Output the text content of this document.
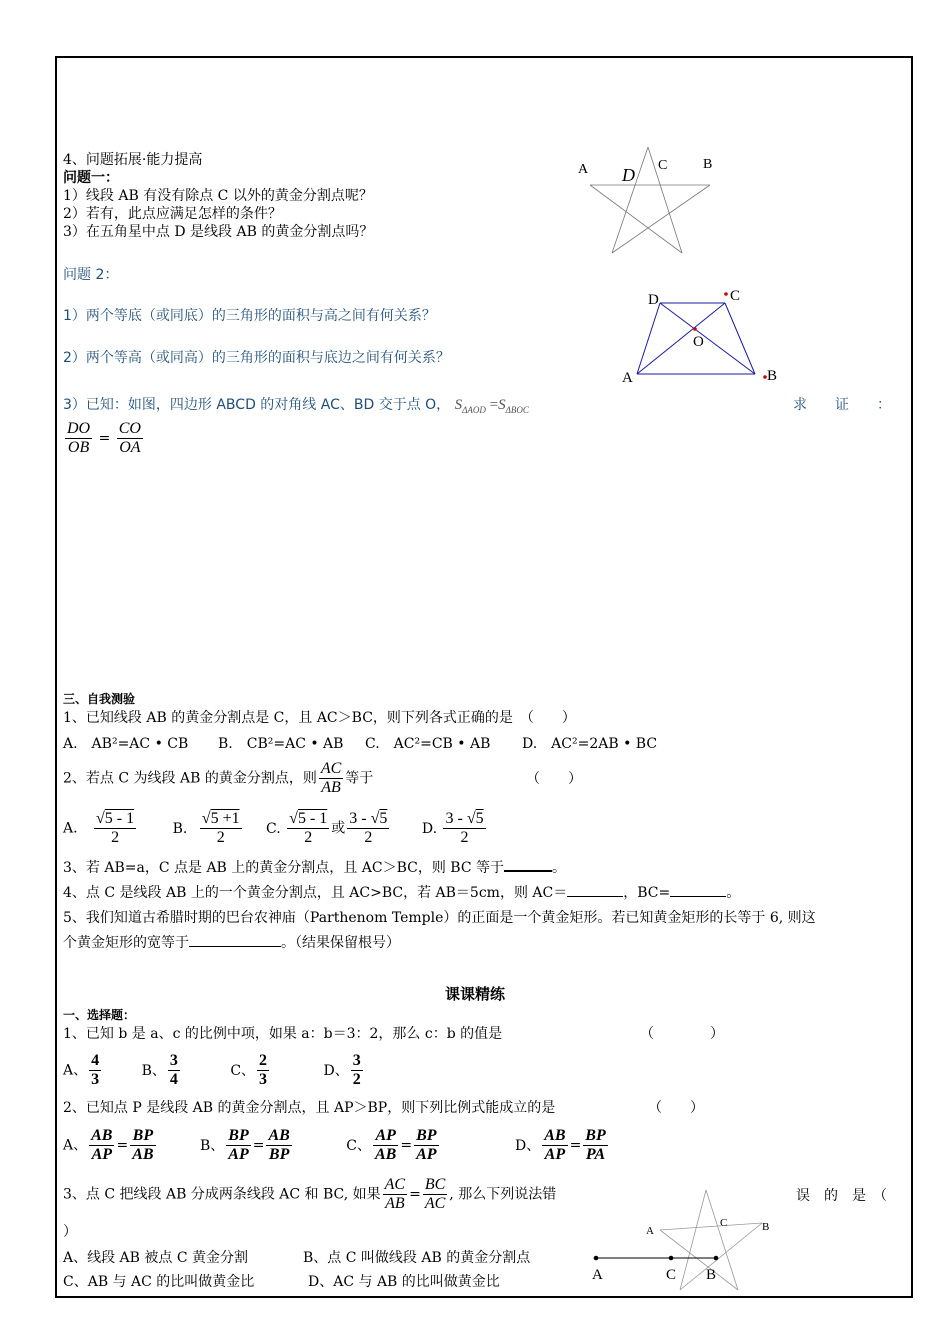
4、问题拓展·能力提高
问题一：
1）线段 AB 有没有除点 C 以外的黄金分割点呢？
2）若有，此点应满足怎样的条件？
3）在五角星中点 D 是线段 AB 的黄金分割点吗？
A D C	B
问题 2：
1）两个等底（或同底）的三角形的面积与高之间有何关系？
2）两个等高（或同高）的三角形的面积与底边之间有何关系？
3）已知：如图，四边形 ABCD 的对角线 AC、BD 交于点 O， $S_{\Delta AOD} =S_{\Delta BOC}$	求　　证　　：
$\frac{DO}{OB} = \frac{CO}{OA}$
D	C
O
A	B
三、自我测验
1、已知线段 AB 的黄金分割点是 C，且 AC＞BC，则下列各式正确的是　（　　）
A.　AB²=AC • CB B.　CB²=AC • AB C.　AC²=CB • AB D.　AC²=2AB • BC
2、若点 C 为线段 AB 的黄金分割点，则 $\frac{AC}{AB}$ 等于	（　　）
A. $\frac{√5 - 1}{2}$	B. $\frac{√5 +1}{2} C$. $\frac{√5 - 1}{2}$ 或 $\frac{3 - √5}{2} D$. $\frac{3 - √5}{2}$
3、若 AB=a，C 点是 AB 上的黄金分割点，且 AC＞BC，则 BC 等于	。
4、点 C 是线段 AB 上的一个黄金分割点，且 AC>BC，若 AB＝5cm，则 AC＝	，BC=	。
5、我们知道古希腊时期的巴台农神庙（Parthenom Temple）的正面是一个黄金矩形。若已知黄金矩形的长等于 6, 则这
个黄金矩形的宽等于	。（结果保留根号）
课课精练
一、选择题：
1、已知 b 是 a、c 的比例中项，如果 a：b＝3：2，那么 c：b 的值是	（　　　　）
A、 $\frac{4}{3}$	B、 $\frac{3}{4}$	C、 $\frac{2}{3}$	D、 $\frac{3}{2}$
2、已知点 P 是线段 AB 的黄金分割点，且 AP＞BP，则下列比例式能成立的是	（　　）
A、 $\frac{AB}{AP} = \frac{BP}{AB}$	B、 $\frac{BP}{AP} = \frac{AB}{BP}$	C、 $\frac{AP}{AB} = \frac{BP}{AP}$	D、 $\frac{AB}{AP} = \frac{BP}{PA}$
3、点 C 把线段 AB 分成两条线段 AC 和 BC, 如果 $\frac{AC}{AB} = \frac{BC}{AC}$ , 那么下列说法错	误　的　是　（
）
A、线段 AB 被点 C 黄金分割	B、点 C 叫做线段 AB 的黄金分割点
C、AB 与 AC 的比叫做黄金比	D、AC 与 AB 的比叫做黄金比
A
C	B
A	C B
